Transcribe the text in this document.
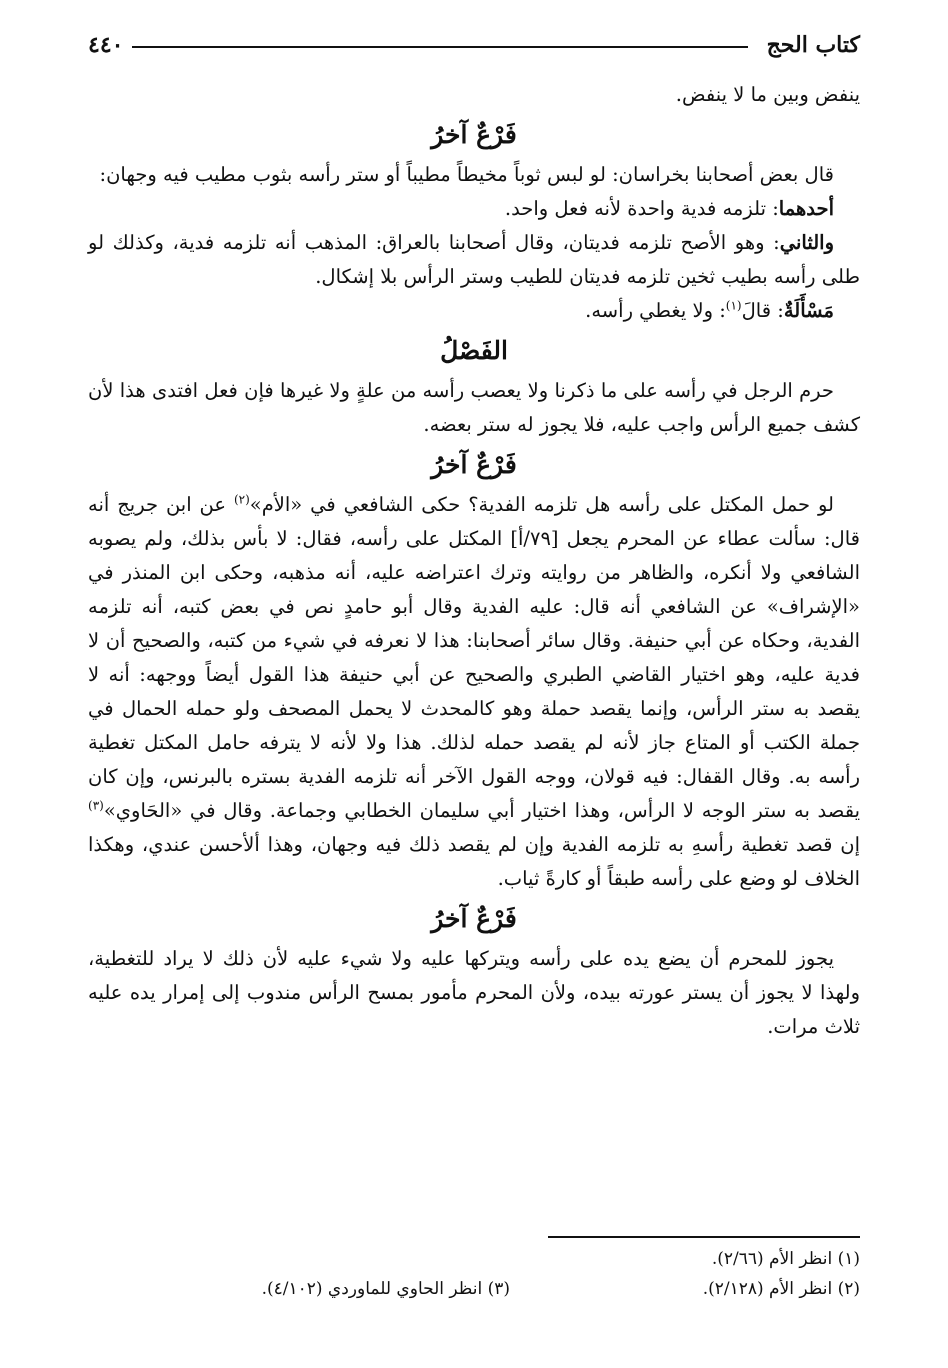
كتاب الحج
٤٤٠

ينفض وبين ما لا ينفض.

فَرْعٌ آخرُ

قال بعض أصحابنا بخراسان: لو لبس ثوباً مخيطاً مطيباً أو ستر رأسه بثوب مطيب فيه وجهان:

أحدهما: تلزمه فدية واحدة لأنه فعل واحد.

والثاني: وهو الأصح تلزمه فديتان، وقال أصحابنا بالعراق: المذهب أنه تلزمه فدية، وكذلك لو طلى رأسه بطيب ثخين تلزمه فديتان للطيب وستر الرأس بلا إشكال.

مَسْأَلَةٌ: قالَ$^{(١)}$: ولا يغطي رأسه.

الفَصْلُ

حرم الرجل في رأسه على ما ذكرنا ولا يعصب رأسه من علةٍ ولا غيرها فإن فعل افتدى هذا لأن كشف جميع الرأس واجب عليه، فلا يجوز له ستر بعضه.

فَرْعٌ آخرُ

لو حمل المكتل على رأسه هل تلزمه الفدية؟ حكى الشافعي في «الأم»$^{(٢)}$ عن ابن جريج أنه قال: سألت عطاء عن المحرم يجعل [٧٩/أ] المكتل على رأسه، فقال: لا بأس بذلك، ولم يصوبه الشافعي ولا أنكره، والظاهر من روايته وترك اعتراضه عليه، أنه مذهبه، وحكى ابن المنذر في «الإشراف» عن الشافعي أنه قال: عليه الفدية وقال أبو حامدٍ نص في بعض كتبه، أنه تلزمه الفدية، وحكاه عن أبي حنيفة. وقال سائر أصحابنا: هذا لا نعرفه في شيء من كتبه، والصحيح أن لا فدية عليه، وهو اختيار القاضي الطبري والصحيح عن أبي حنيفة هذا القول أيضاً ووجهه: أنه لا يقصد به ستر الرأس، وإنما يقصد حملة وهو كالمحدث لا يحمل المصحف ولو حمله الحمال في جملة الكتب أو المتاع جاز لأنه لم يقصد حمله لذلك. هذا ولا لأنه لا يترفه حامل المكتل تغطية رأسه به. وقال القفال: فيه قولان، ووجه القول الآخر أنه تلزمه الفدية بستره بالبرنس، وإن كان يقصد به ستر الوجه لا الرأس، وهذا اختيار أبي سليمان الخطابي وجماعة. وقال في «الحَاوي»$^{(٣)}$ إن قصد تغطية رأسهِ به تلزمه الفدية وإن لم يقصد ذلك فيه وجهان، وهذا ألأحسن عندي، وهكذا الخلاف لو وضع على رأسه طبقاً أو كارةً ثياب.

فَرْعٌ آخرُ

يجوز للمحرم أن يضع يده على رأسه ويتركها عليه ولا شيء عليه لأن ذلك لا يراد للتغطية، ولهذا لا يجوز أن يستر عورته بيده، ولأن المحرم مأمور بمسح الرأس مندوب إلى إمرار يده عليه ثلاث مرات.

(١) انظر الأم (٢/٦٦).
(٢) انظر الأم (٢/١٢٨).
(٣) انظر الحاوي للماوردي (٤/١٠٢).
